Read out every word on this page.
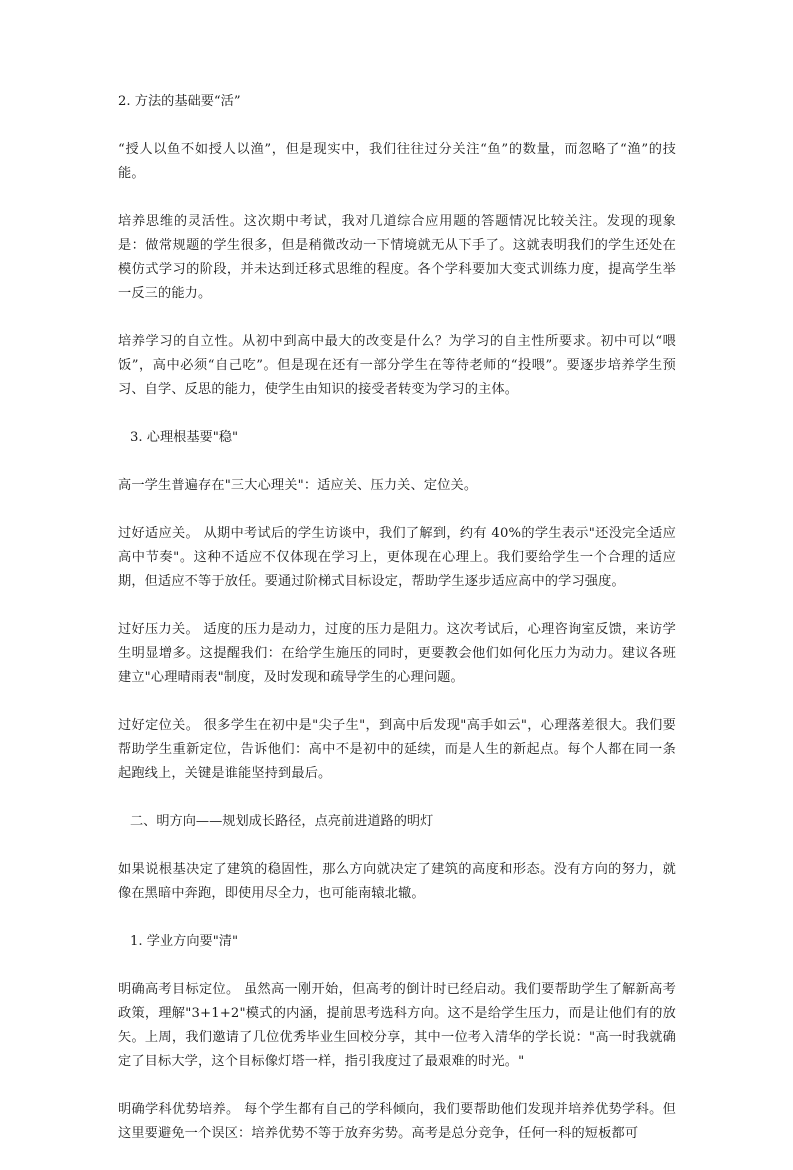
2. 方法的基础要“活”
“授人以鱼不如授人以渔”，但是现实中，我们往往过分关注“鱼”的数量，而忽略了“渔”的技能。
培养思维的灵活性。这次期中考试，我对几道综合应用题的答题情况比较关注。发现的现象是：做常规题的学生很多，但是稍微改动一下情境就无从下手了。这就表明我们的学生还处在模仿式学习的阶段，并未达到迁移式思维的程度。各个学科要加大变式训练力度，提高学生举一反三的能力。
培养学习的自立性。从初中到高中最大的改变是什么？为学习的自主性所要求。初中可以“喂饭”，高中必须“自己吃”。但是现在还有一部分学生在等待老师的“投喂”。要逐步培养学生预习、自学、反思的能力，使学生由知识的接受者转变为学习的主体。
3. 心理根基要"稳"
高一学生普遍存在"三大心理关"：适应关、压力关、定位关。
过好适应关。 从期中考试后的学生访谈中，我们了解到，约有 40%的学生表示"还没完全适应高中节奏"。这种不适应不仅体现在学习上，更体现在心理上。我们要给学生一个合理的适应期，但适应不等于放任。要通过阶梯式目标设定，帮助学生逐步适应高中的学习强度。
过好压力关。 适度的压力是动力，过度的压力是阻力。这次考试后，心理咨询室反馈，来访学生明显增多。这提醒我们：在给学生施压的同时，更要教会他们如何化压力为动力。建议各班建立"心理晴雨表"制度，及时发现和疏导学生的心理问题。
过好定位关。 很多学生在初中是"尖子生"，到高中后发现"高手如云"，心理落差很大。我们要帮助学生重新定位，告诉他们：高中不是初中的延续，而是人生的新起点。每个人都在同一条起跑线上，关键是谁能坚持到最后。
二、明方向——规划成长路径，点亮前进道路的明灯
如果说根基决定了建筑的稳固性，那么方向就决定了建筑的高度和形态。没有方向的努力，就像在黑暗中奔跑，即使用尽全力，也可能南辕北辙。
1. 学业方向要"清"
明确高考目标定位。 虽然高一刚开始，但高考的倒计时已经启动。我们要帮助学生了解新高考政策，理解"3+1+2"模式的内涵，提前思考选科方向。这不是给学生压力，而是让他们有的放矢。上周，我们邀请了几位优秀毕业生回校分享，其中一位考入清华的学长说："高一时我就确定了目标大学，这个目标像灯塔一样，指引我度过了最艰难的时光。"
明确学科优势培养。 每个学生都有自己的学科倾向，我们要帮助他们发现并培养优势学科。但这里要避免一个误区：培养优势不等于放弃劣势。高考是总分竞争，任何一科的短板都可
